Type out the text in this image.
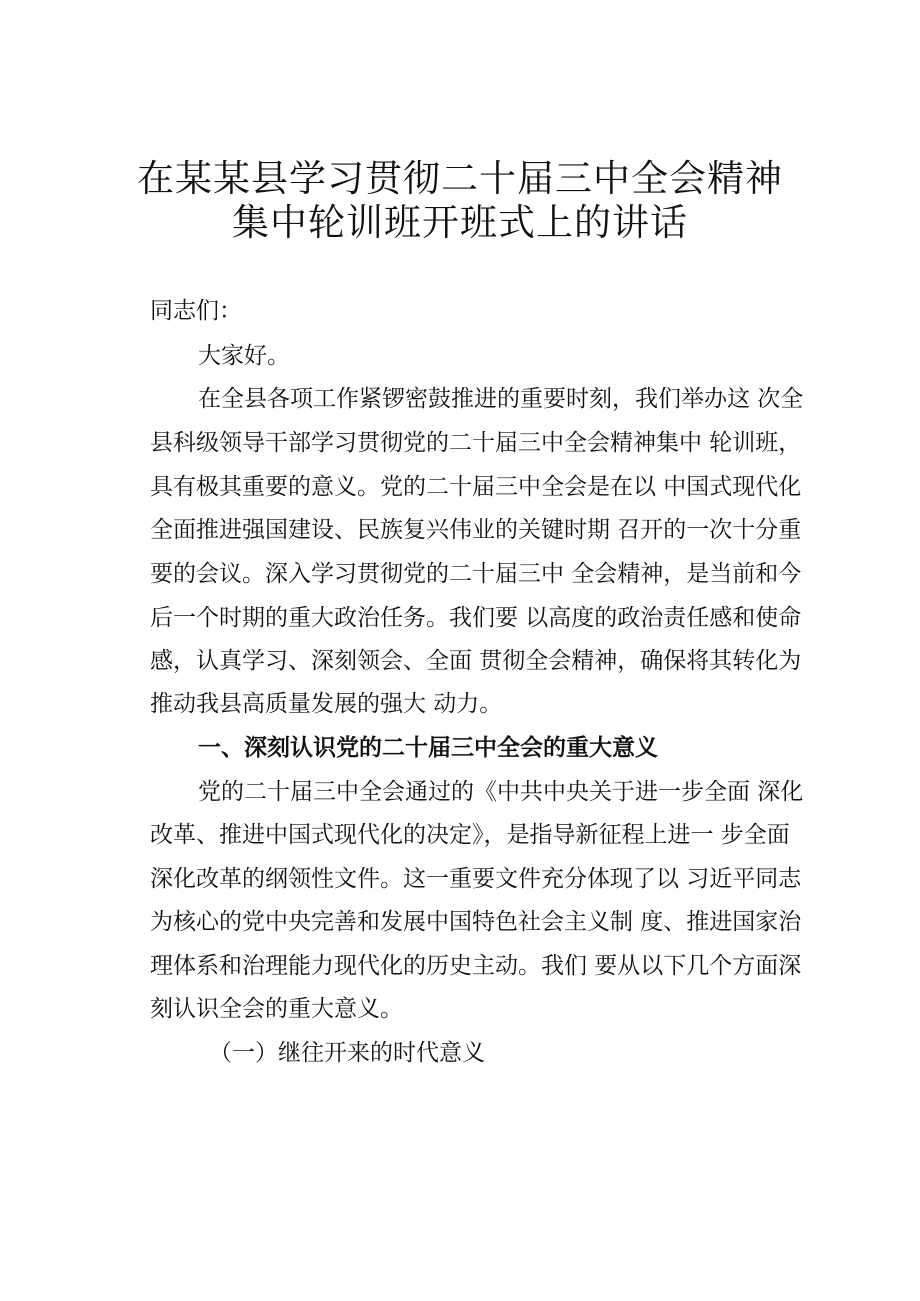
在某某县学习贯彻二十届三中全会精神
集中轮训班开班式上的讲话
同志们：
大家好。
在全县各项工作紧锣密鼓推进的重要时刻，我们举办这 次全
县科级领导干部学习贯彻党的二十届三中全会精神集中 轮训班，
具有极其重要的意义。党的二十届三中全会是在以 中国式现代化
全面推进强国建设、民族复兴伟业的关键时期 召开的一次十分重
要的会议。深入学习贯彻党的二十届三中 全会精神，是当前和今
后一个时期的重大政治任务。我们要 以高度的政治责任感和使命
感，认真学习、深刻领会、全面 贯彻全会精神，确保将其转化为
推动我县高质量发展的强大 动力。
一、深刻认识党的二十届三中全会的重大意义
党的二十届三中全会通过的《中共中央关于进一步全面 深化
改革、推进中国式现代化的决定》，是指导新征程上进一 步全面
深化改革的纲领性文件。这一重要文件充分体现了以 习近平同志
为核心的党中央完善和发展中国特色社会主义制 度、推进国家治
理体系和治理能力现代化的历史主动。我们 要从以下几个方面深
刻认识全会的重大意义。
（一）继往开来的时代意义
